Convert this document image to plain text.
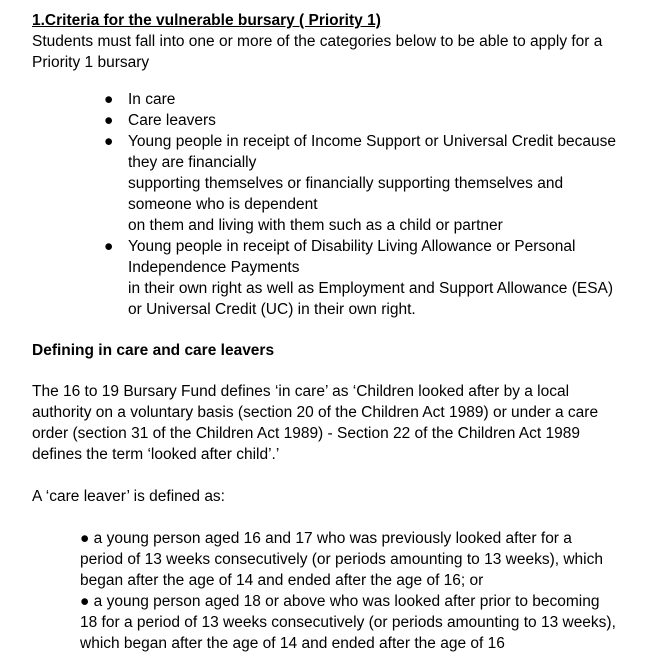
1.Criteria for the vulnerable bursary ( Priority 1)

Students must fall into one or more of the categories below to be able to apply for a
Priority 1 bursary

● In care
● Care leavers
● Young people in receipt of Income Support or Universal Credit because
they are financially
supporting themselves or financially supporting themselves and
someone who is dependent
on them and living with them such as a child or partner
● Young people in receipt of Disability Living Allowance or Personal
Independence Payments
in their own right as well as Employment and Support Allowance (ESA)
or Universal Credit (UC) in their own right.

Defining in care and care leavers

The 16 to 19 Bursary Fund defines ‘in care’ as ‘Children looked after by a local
authority on a voluntary basis (section 20 of the Children Act 1989) or under a care
order (section 31 of the Children Act 1989) - Section 22 of the Children Act 1989
defines the term ‘looked after child’.’

A ‘care leaver’ is defined as:

● a young person aged 16 and 17 who was previously looked after for a
period of 13 weeks consecutively (or periods amounting to 13 weeks), which
began after the age of 14 and ended after the age of 16; or
● a young person aged 18 or above who was looked after prior to becoming
18 for a period of 13 weeks consecutively (or periods amounting to 13 weeks),
which began after the age of 14 and ended after the age of 16
